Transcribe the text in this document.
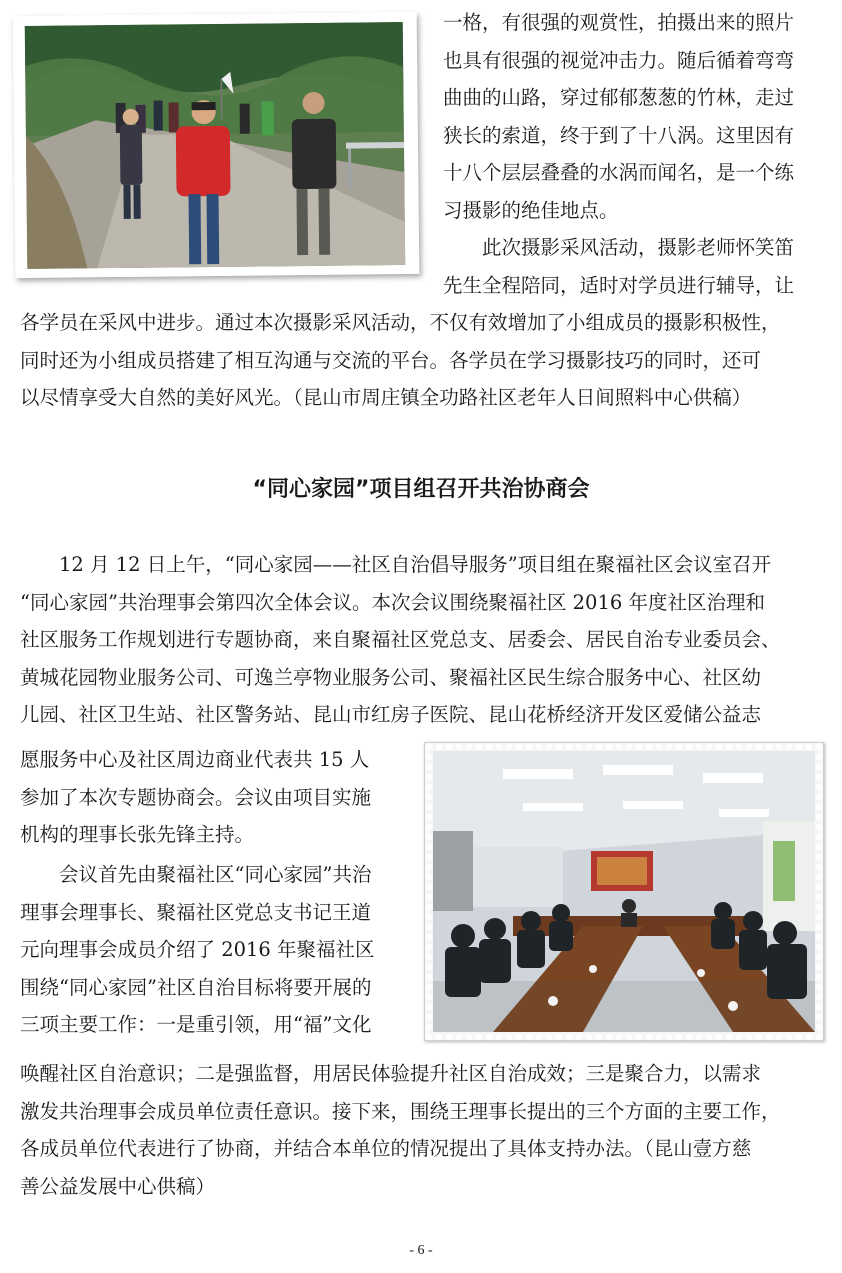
一格，有很强的观赏性，拍摄出来的照片
也具有很强的视觉冲击力。随后循着弯弯
曲曲的山路，穿过郁郁葱葱的竹林，走过
狭长的索道，终于到了十八涡。这里因有
十八个层层叠叠的水涡而闻名，是一个练
习摄影的绝佳地点。
此次摄影采风活动，摄影老师怀笑笛
先生全程陪同，适时对学员进行辅导，让
各学员在采风中进步。通过本次摄影采风活动，不仅有效增加了小组成员的摄影积极性，
同时还为小组成员搭建了相互沟通与交流的平台。各学员在学习摄影技巧的同时，还可
以尽情享受大自然的美好风光。（昆山市周庄镇全功路社区老年人日间照料中心供稿）
“同心家园”项目组召开共治协商会
12 月 12 日上午，“同心家园——社区自治倡导服务”项目组在聚福社区会议室召开
“同心家园”共治理事会第四次全体会议。本次会议围绕聚福社区 2016 年度社区治理和
社区服务工作规划进行专题协商，来自聚福社区党总支、居委会、居民自治专业委员会、
黄城花园物业服务公司、可逸兰亭物业服务公司、聚福社区民生综合服务中心、社区幼
儿园、社区卫生站、社区警务站、昆山市红房子医院、昆山花桥经济开发区爱储公益志
愿服务中心及社区周边商业代表共 15 人
参加了本次专题协商会。会议由项目实施
机构的理事长张先锋主持。
会议首先由聚福社区“同心家园”共治
理事会理事长、聚福社区党总支书记王道
元向理事会成员介绍了 2016 年聚福社区
围绕“同心家园”社区自治目标将要开展的
三项主要工作：一是重引领，用“福”文化
唤醒社区自治意识；二是强监督，用居民体验提升社区自治成效；三是聚合力，以需求
激发共治理事会成员单位责任意识。接下来，围绕王理事长提出的三个方面的主要工作，
各成员单位代表进行了协商，并结合本单位的情况提出了具体支持办法。（昆山壹方慈
善公益发展中心供稿）
- 6 -
